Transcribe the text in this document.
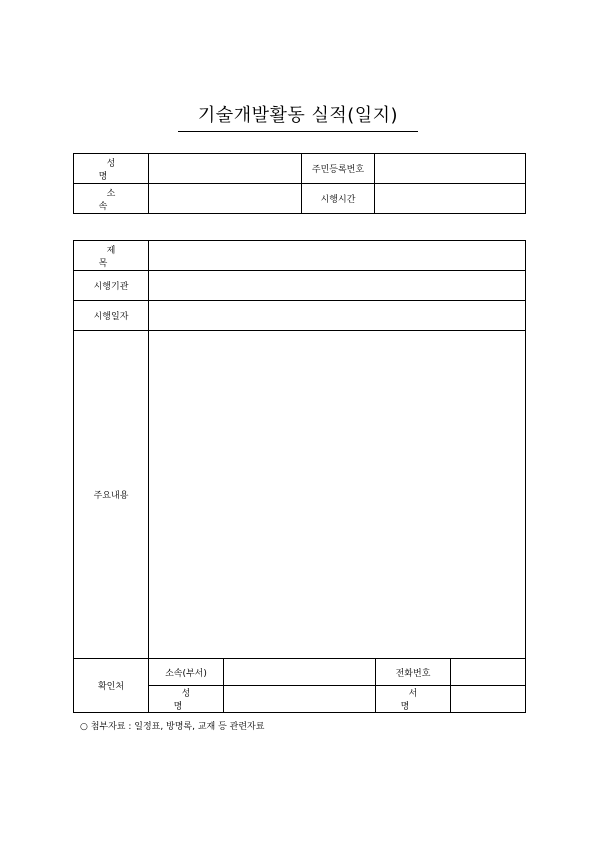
기술개발활동 실적(일지)
성 명		주민등록번호	
소 속		시행시간	
제 목	
시행기관	
시행일자	
주요내용	
확인처	소속(부서)		전화번호	
	성 명		서 명	
○ 첨부자료 : 일정표, 방명록, 교재 등 관련자료
